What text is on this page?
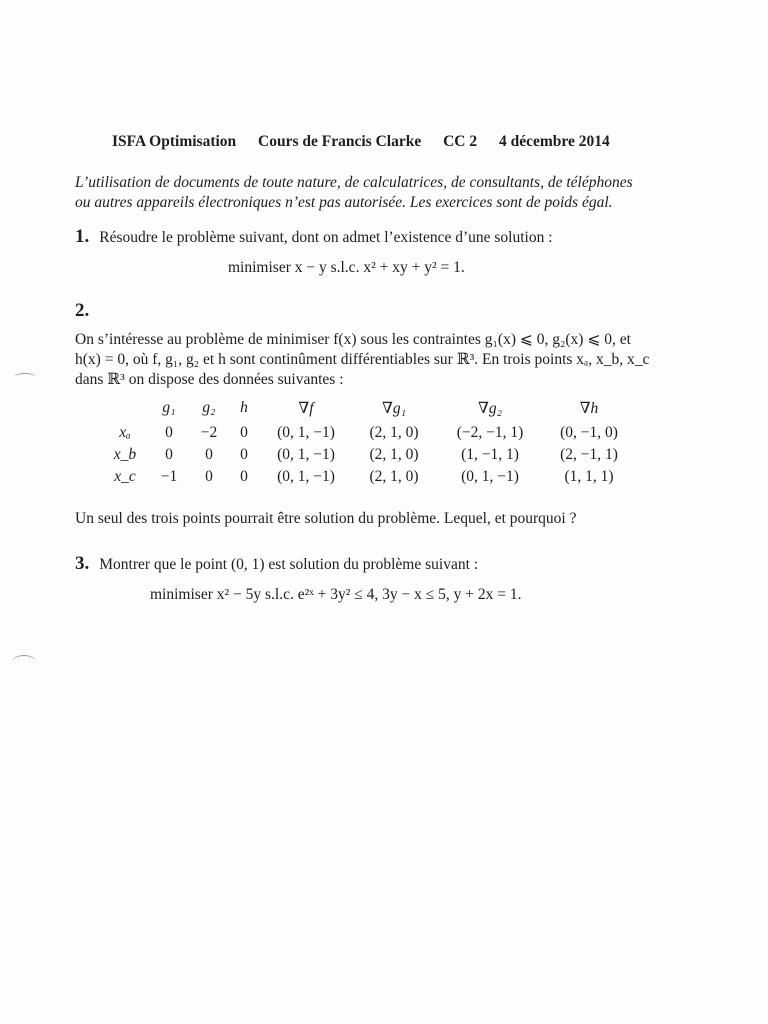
ISFA Optimisation Cours de Francis Clarke CC 2 4 décembre 2014
L’utilisation de documents de toute nature, de calculatrices, de consultants, de téléphones
ou autres appareils électroniques n’est pas autorisée. Les exercices sont de poids égal.
1. Résoudre le problème suivant, dont on admet l’existence d’une solution :
minimiser x − y s.l.c. x² + xy + y² = 1.
2.
On s’intéresse au problème de minimiser f(x) sous les contraintes g₁(x) ⩽ 0, g₂(x) ⩽ 0, et
h(x) = 0, où f, g₁, g₂ et h sont continûment différentiables sur ℝ³. En trois points xₐ, x_b, x_c
dans ℝ³ on dispose des données suivantes :
	g₁	g₂	h	∇f	∇g₁	∇g₂	∇h
xₐ	0	−2	0	(0, 1, −1)	(2, 1, 0)	(−2, −1, 1)	(0, −1, 0)
x_b	0	0	0	(0, 1, −1)	(2, 1, 0)	(1, −1, 1)	(2, −1, 1)
x_c	−1	0	0	(0, 1, −1)	(2, 1, 0)	(0, 1, −1)	(1, 1, 1)
Un seul des trois points pourrait être solution du problème. Lequel, et pourquoi ?
3. Montrer que le point (0, 1) est solution du problème suivant :
minimiser x² − 5y s.l.c. e²ˣ + 3y² ≤ 4, 3y − x ≤ 5, y + 2x = 1.
